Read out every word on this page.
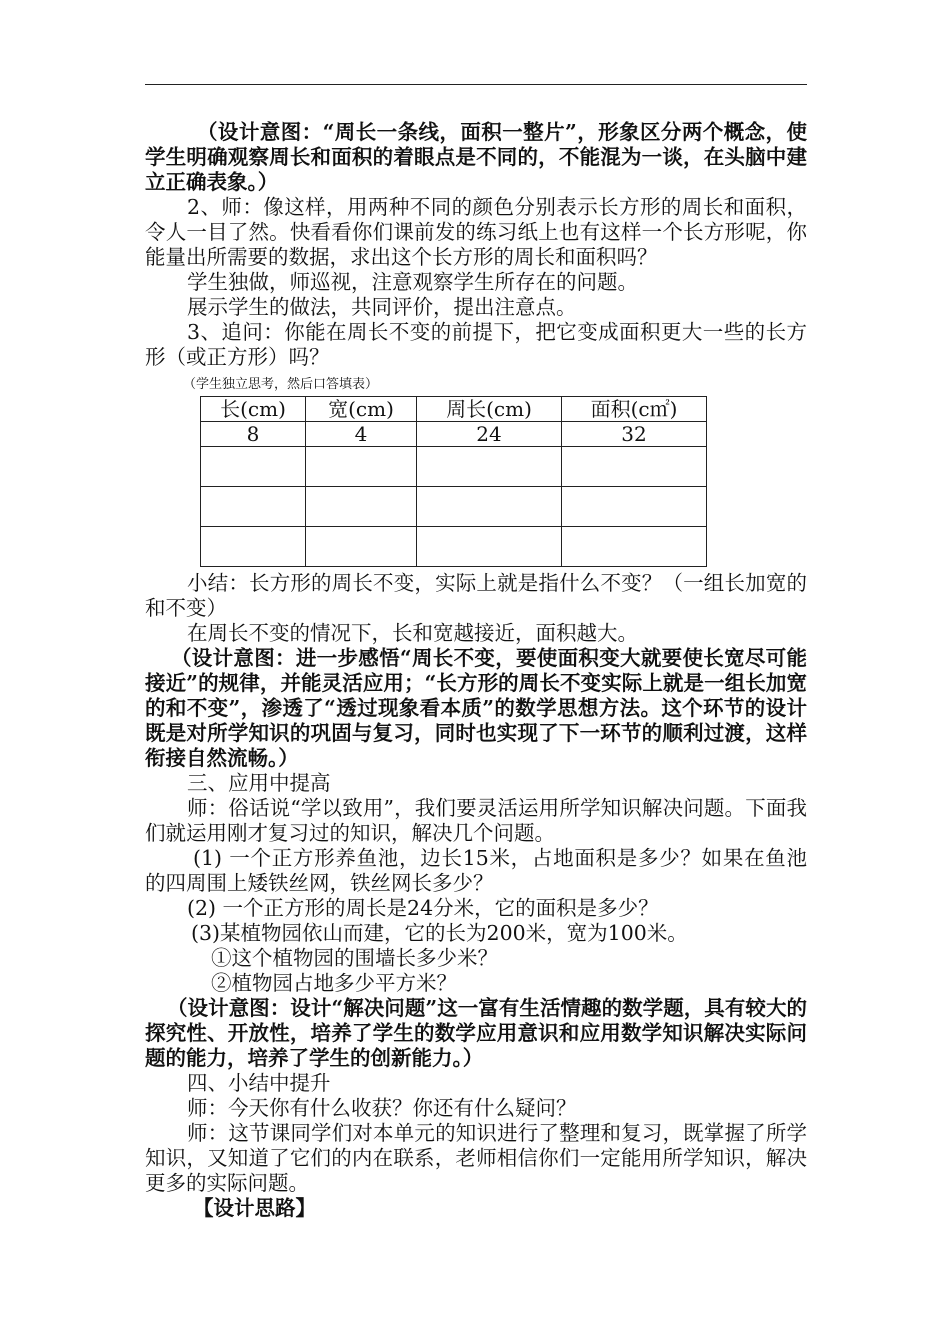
（设计意图：“周长一条线，面积一整片”，形象区分两个概念，使学生明确观察周长和面积的着眼点是不同的，不能混为一谈，在头脑中建立正确表象。）

2、师：像这样，用两种不同的颜色分别表示长方形的周长和面积，令人一目了然。快看看你们课前发的练习纸上也有这样一个长方形呢，你能量出所需要的数据，求出这个长方形的周长和面积吗？

学生独做，师巡视，注意观察学生所存在的问题。

展示学生的做法，共同评价，提出注意点。

3、追问：你能在周长不变的前提下，把它变成面积更大一些的长方形（或正方形）吗？

（学生独立思考，然后口答填表）

长(cm)	宽(cm)	周长(cm)	面积(c㎡)
8	4	24	32

小结：长方形的周长不变，实际上就是指什么不变？（一组长加宽的和不变）

在周长不变的情况下，长和宽越接近，面积越大。

（设计意图：进一步感悟“周长不变，要使面积变大就要使长宽尽可能接近”的规律，并能灵活应用；“长方形的周长不变实际上就是一组长加宽的和不变”，渗透了“透过现象看本质”的数学思想方法。这个环节的设计既是对所学知识的巩固与复习，同时也实现了下一环节的顺利过渡，这样衔接自然流畅。）

三、应用中提高

师：俗话说“学以致用”，我们要灵活运用所学知识解决问题。下面我们就运用刚才复习过的知识，解决几个问题。

(1) 一个正方形养鱼池，边长15米，占地面积是多少？如果在鱼池的四周围上矮铁丝网，铁丝网长多少？

(2) 一个正方形的周长是24分米，它的面积是多少？

(3)某植物园依山而建，它的长为200米，宽为100米。

①这个植物园的围墙长多少米？

②植物园占地多少平方米？

（设计意图：设计“解决问题”这一富有生活情趣的数学题，具有较大的探究性、开放性，培养了学生的数学应用意识和应用数学知识解决实际问题的能力，培养了学生的创新能力。）

四、小结中提升

师：今天你有什么收获？你还有什么疑问？

师：这节课同学们对本单元的知识进行了整理和复习，既掌握了所学知识，又知道了它们的内在联系，老师相信你们一定能用所学知识，解决更多的实际问题。

【设计思路】
